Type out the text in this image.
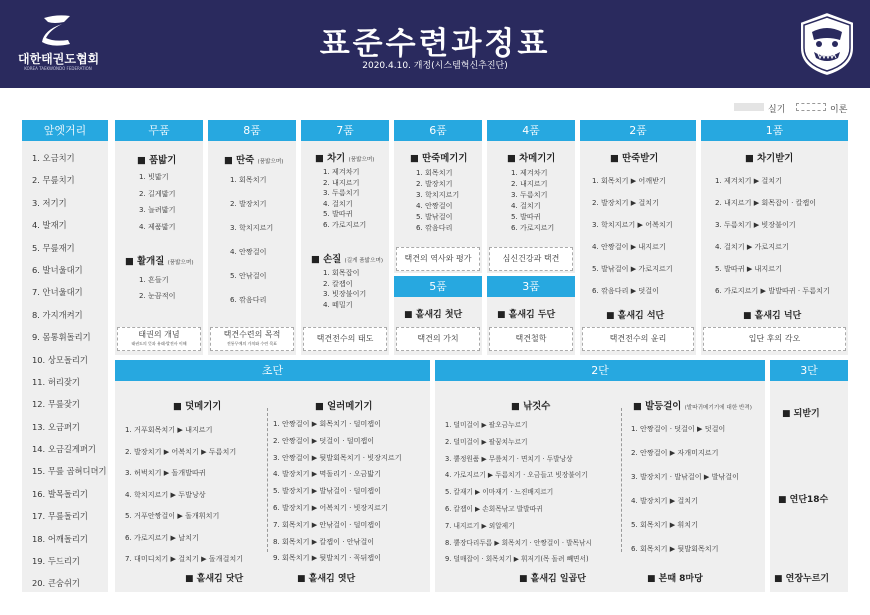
대한태권도협회
KOREA TAEKWONDO FEDERATION
표준수련과정표
2020.4.10. 개정(시스템혁신추진단)
실기	이론
앞엣거리
1. 오금치기
2. 무릎치기
3. 저기기
4. 발재기
5. 무릎재기
6. 발너울대기
7. 안너울대기
8. 가지개켜기
9. 몸통휘돌리기
10. 상모돌리기
11. 허리잦기
12. 무릎잦기
13. 오금펴기
14. 오금길게펴기
15. 무릎 곱혀디뎌기
16. 발목돌리기
17. 무릎돌리기
18. 어깨돌리기
19. 두드리기
20. 큰숨쉬기
무품
■ 품밟기
1. 빗밟기
2. 길게밟기
3. 늘려밟기
4. 제품밟기
■ 활개질 (품밟으며)
1. 흔들기
2. 눈끔적이
태권의 개념
태권도의 뜻과 유래·발전사 이해
8품
■ 딴죽 (품밟으며)
1. 회목치기
2. 발장치기
3. 학치지르기
4. 안짱걸이
5. 안낚걸이
6. 깎음다리
택견수련의 목적
전통무예의 가치와 수련 목표
7품
■ 차기 (품밟으며)
1. 제겨차기
2. 내지르기
3. 두름치기
4. 걸치기
5. 발따귀
6. 가로지르기
■ 손질 (길게 품밟으며)
1. 회목잡이
2. 칼잽이
3. 빗장불이기
4. 떼밀기
택견전수의 태도
6품
■ 딴죽메기기
1. 회목치기
2. 발장치기
3. 학치지르기
4. 안짱걸이
5. 발낚걸이
6. 깎음다리
택견의 역사와 평가
5품
■ 홀새김 첫단
택견의 가치
4품
■ 차메기기
1. 제겨차기
2. 내지르기
3. 두름치기
4. 걸치기
5. 발따귀
6. 가로지르기
심신건강과 택견
3품
■ 홀새김 두단
택견철학
2품
■ 딴죽받기
1. 회목치기 ▶ 어깨받기
2. 발장치기 ▶ 걸치기
3. 학치지르기 ▶ 어복치기
4. 안짱걸이 ▶ 내지르기
5. 발낚걸이 ▶ 가로지르기
6. 깎음다리 ▶ 덧걸이
■ 홀새김 석단
택견전수의 윤리
1품
■ 차기받기
1. 제겨치기 ▶ 걸치기
2. 내지르기 ▶ 회목잡이 · 칼잽이
3. 두름치기 ▶ 빗장불이기
4. 걸치기 ▶ 가로지르기
5. 발따귀 ▶ 내지르기
6. 가로지르기 ▶ 발발따귀 · 두름치기
■ 홀새김 넉단
입단 후의 각오
초단
■ 덧메기기
1. 거푸회목치기 ▶ 내지르기
2. 발장치기 ▶ 어복치기 ▶ 두름치기
3. 허벅치기 ▶ 돌개발따귀
4. 학치지르기 ▶ 두발낭상
5. 거푸안짱걸이 ▶ 돌개휘치기
6. 가로지르기 ▶ 날치기
7. 대미디치기 ▶ 걸치기 ▶ 돌개걸치기
■ 얼러메기기
1. 안짱걸이 ▶ 회목치기 · 덜미잽이
2. 안짱걸이 ▶ 덧걸이 · 덜미잽이
3. 안짱걸이 ▶ 뒷발회목치기 · 빗장지르기
4. 발장치기 ▶ 멱돌리기 · 오금밟기
5. 발장치기 ▶ 발낚걸이 · 덜미잽이
6. 발장치기 ▶ 어복치기 · 빗장지르기
7. 회목치기 ▶ 안낚걸이 · 덜미잽이
8. 회목치기 ▶ 칼잽이 · 안낚걸이
9. 회목치기 ▶ 뒷발치기 · 꼭뒤잽이
■ 홀새김 닷단	■ 홀새김 엿단
2단
■ 낚것수
1. 덜미걸이 ▶ 팔오금누르기
2. 덜미걸이 ▶ 팔꿈치누르기
3. 뿔정원품 ▶ 무릎치기 · 면치기 · 두발낭상
4. 가로지르기 ▶ 두름치기 · 오금들고 빗장불이기
5. 칼재기 ▶ 이마재기 · 느진배지르기
6. 칼잽이 ▶ 손회목낚고 발발따귀
7. 내지르기 ▶ 외알제기
8. 뿔장다리두름 ▶ 회목치기 · 안짱걸이 · 발목낚시
9. 덜매잡이 · 회목치기 ▶ 휘저기(목 돌려 빼면서)
■ 발등걸이 (발따귀메기기에 대한 반격)
1. 안짱걸이 · 덧걸이 ▶ 덧걸이
2. 안짱걸이 ▶ 자개미지르기
3. 발장치기 · 발낚걸이 ▶ 발낚걸이
4. 발장치기 ▶ 걸치기
5. 회목치기 ▶ 휘치기
6. 회목치기 ▶ 뒷발회목치기
■ 홀새김 일곱단	■ 본때 8마당
3단
■ 되받기
■ 연단18수
■ 연장누르기
